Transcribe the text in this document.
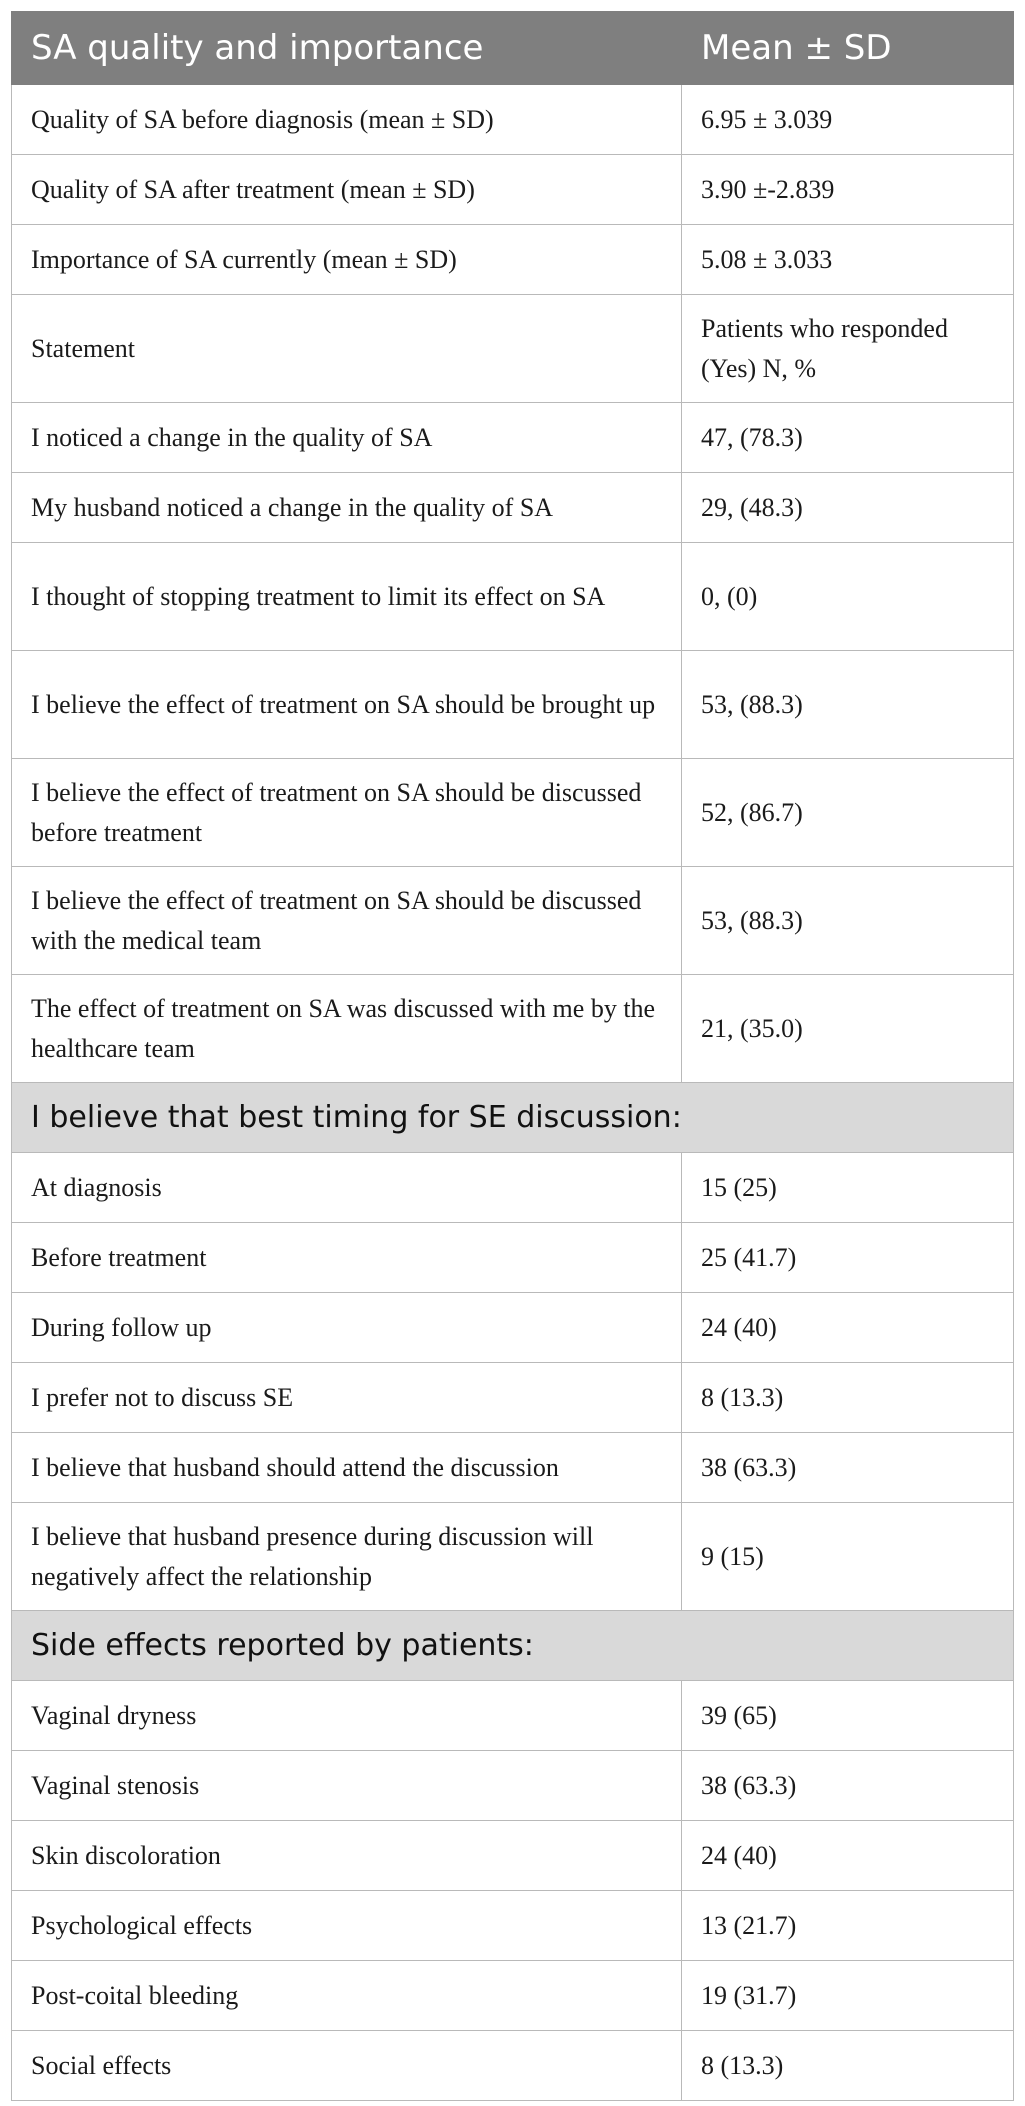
SA quality and importance	Mean ± SD
Quality of SA before diagnosis (mean ± SD)	6.95 ± 3.039
Quality of SA after treatment (mean ± SD)	3.90 ±-2.839
Importance of SA currently (mean ± SD)	5.08 ± 3.033
Statement	Patients who responded (Yes) N, %
I noticed a change in the quality of SA	47, (78.3)
My husband noticed a change in the quality of SA	29, (48.3)
I thought of stopping treatment to limit its effect on SA	0, (0)
I believe the effect of treatment on SA should be brought up	53, (88.3)
I believe the effect of treatment on SA should be discussed before treatment	52, (86.7)
I believe the effect of treatment on SA should be discussed with the medical team	53, (88.3)
The effect of treatment on SA was discussed with me by the healthcare team	21, (35.0)
I believe that best timing for SE discussion:	
At diagnosis	15 (25)
Before treatment	25 (41.7)
During follow up	24 (40)
I prefer not to discuss SE	8 (13.3)
I believe that husband should attend the discussion	38 (63.3)
I believe that husband presence during discussion will negatively affect the relationship	9 (15)
Side effects reported by patients:	
Vaginal dryness	39 (65)
Vaginal stenosis	38 (63.3)
Skin discoloration	24 (40)
Psychological effects	13 (21.7)
Post-coital bleeding	19 (31.7)
Social effects	8 (13.3)
